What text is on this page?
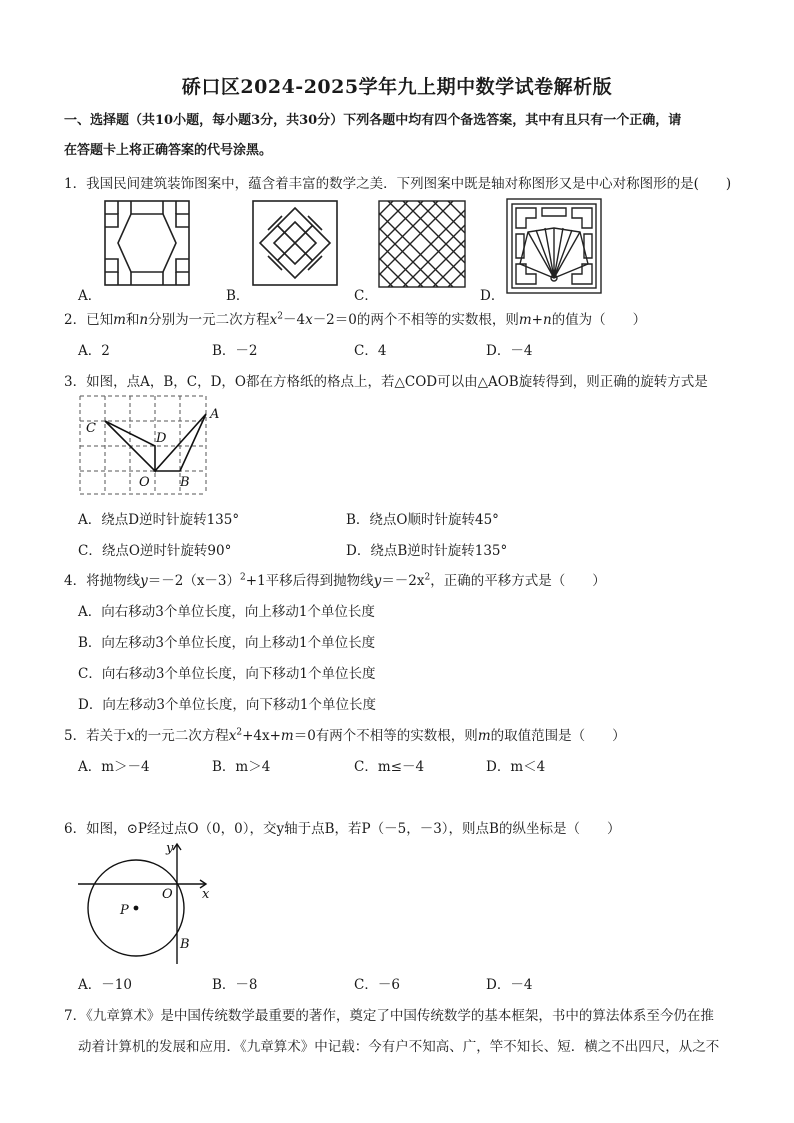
硚口区2024-2025学年九上期中数学试卷解析版
一、选择题（共10小题，每小题3分，共30分）下列各题中均有四个备选答案，其中有且只有一个正确，请
在答题卡上将正确答案的代号涂黑。
1．我国民间建筑装饰图案中，蕴含着丰富的数学之美．下列图案中既是轴对称图形又是中心对称图形的是(　　)
A．	B．	C．	D．
2．已知m和n分别为一元二次方程$x^2-4x-2=0$的两个不相等的实数根，则m+n的值为（　　）
A．2	B．－2	C．4	D．－4
3．如图，点A，B，C，D，O都在方格纸的格点上，若△COD可以由△AOB旋转得到，则正确的旋转方式是
A
B
C
D
O
A．绕点D逆时针旋转135°	B．绕点O顺时针旋转45°
C．绕点O逆时针旋转90°	D．绕点B逆时针旋转135°
4．将抛物线$y=-2(x-3)^2+1$平移后得到抛物线$y=-2x^2$，正确的平移方式是（　　）
A．向右移动3个单位长度，向上移动1个单位长度
B．向左移动3个单位长度，向上移动1个单位长度
C．向右移动3个单位长度，向下移动1个单位长度
D．向左移动3个单位长度，向下移动1个单位长度
5．若关于x的一元二次方程$x^2+4x+m=0$有两个不相等的实数根，则m的取值范围是（　　）
A．m＞－4	B．m＞4	C．m≤－4	D．m＜4
6．如图，⊙P经过点O（0，0），交y轴于点B，若P（－5，－3），则点B的纵坐标是（　　）
y
x
O
P
B
A．－10	B．－8	C．－6	D．－4
7．《九章算术》是中国传统数学最重要的著作，奠定了中国传统数学的基本框架，书中的算法体系至今仍在推
动着计算机的发展和应用．《九章算术》中记载：今有户不知高、广，竿不知长、短．横之不出四尺，从之不
